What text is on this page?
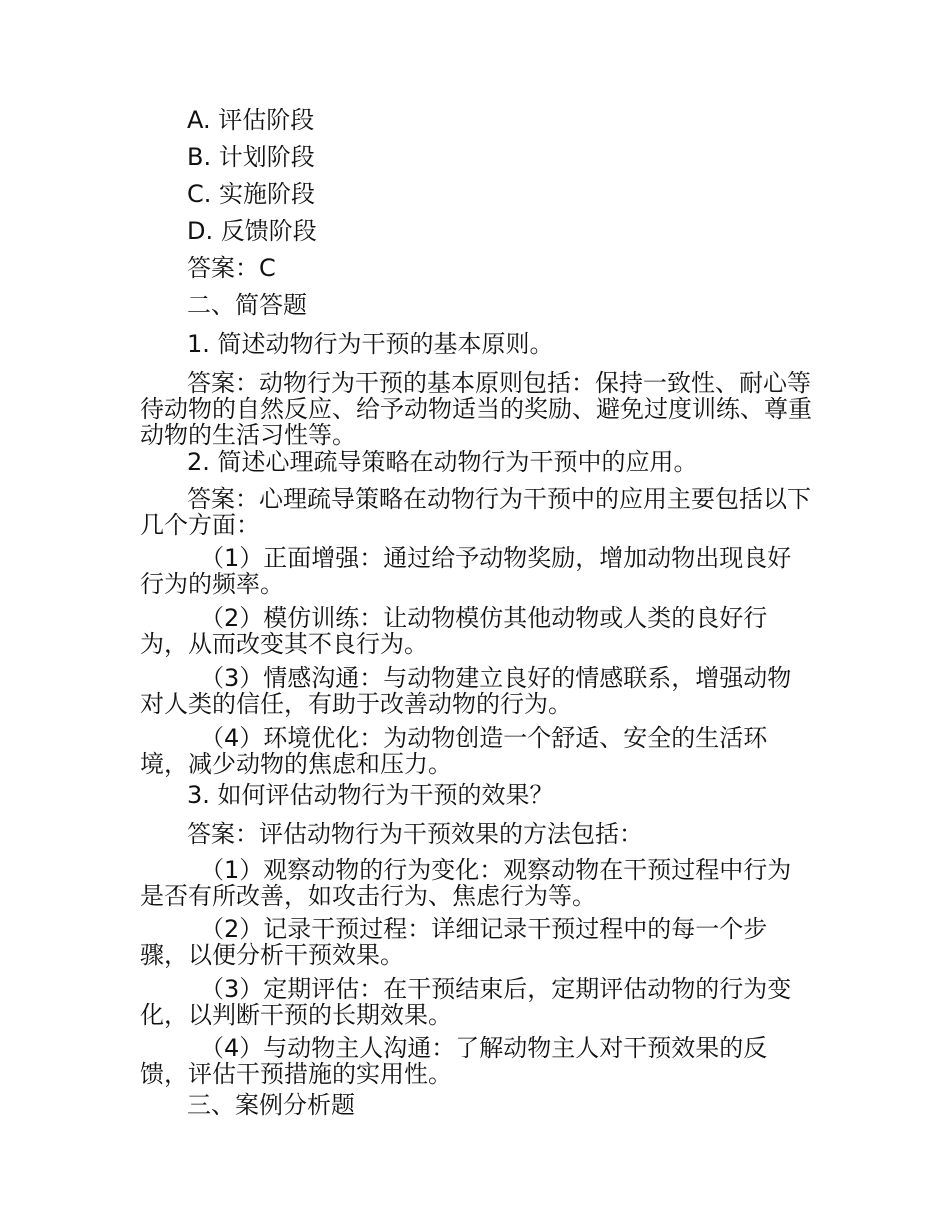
A. 评估阶段
B. 计划阶段
C. 实施阶段
D. 反馈阶段
答案：C
二、简答题
1. 简述动物行为干预的基本原则。
答案：动物行为干预的基本原则包括：保持一致性、耐心等待动物的自然反应、给予动物适当的奖励、避免过度训练、尊重动物的生活习性等。
2. 简述心理疏导策略在动物行为干预中的应用。
答案：心理疏导策略在动物行为干预中的应用主要包括以下几个方面：
（1）正面增强：通过给予动物奖励，增加动物出现良好行为的频率。
（2）模仿训练：让动物模仿其他动物或人类的良好行为，从而改变其不良行为。
（3）情感沟通：与动物建立良好的情感联系，增强动物对人类的信任，有助于改善动物的行为。
（4）环境优化：为动物创造一个舒适、安全的生活环境，减少动物的焦虑和压力。
3. 如何评估动物行为干预的效果？
答案：评估动物行为干预效果的方法包括：
（1）观察动物的行为变化：观察动物在干预过程中行为是否有所改善，如攻击行为、焦虑行为等。
（2）记录干预过程：详细记录干预过程中的每一个步骤，以便分析干预效果。
（3）定期评估：在干预结束后，定期评估动物的行为变化，以判断干预的长期效果。
（4）与动物主人沟通：了解动物主人对干预效果的反馈，评估干预措施的实用性。
三、案例分析题
